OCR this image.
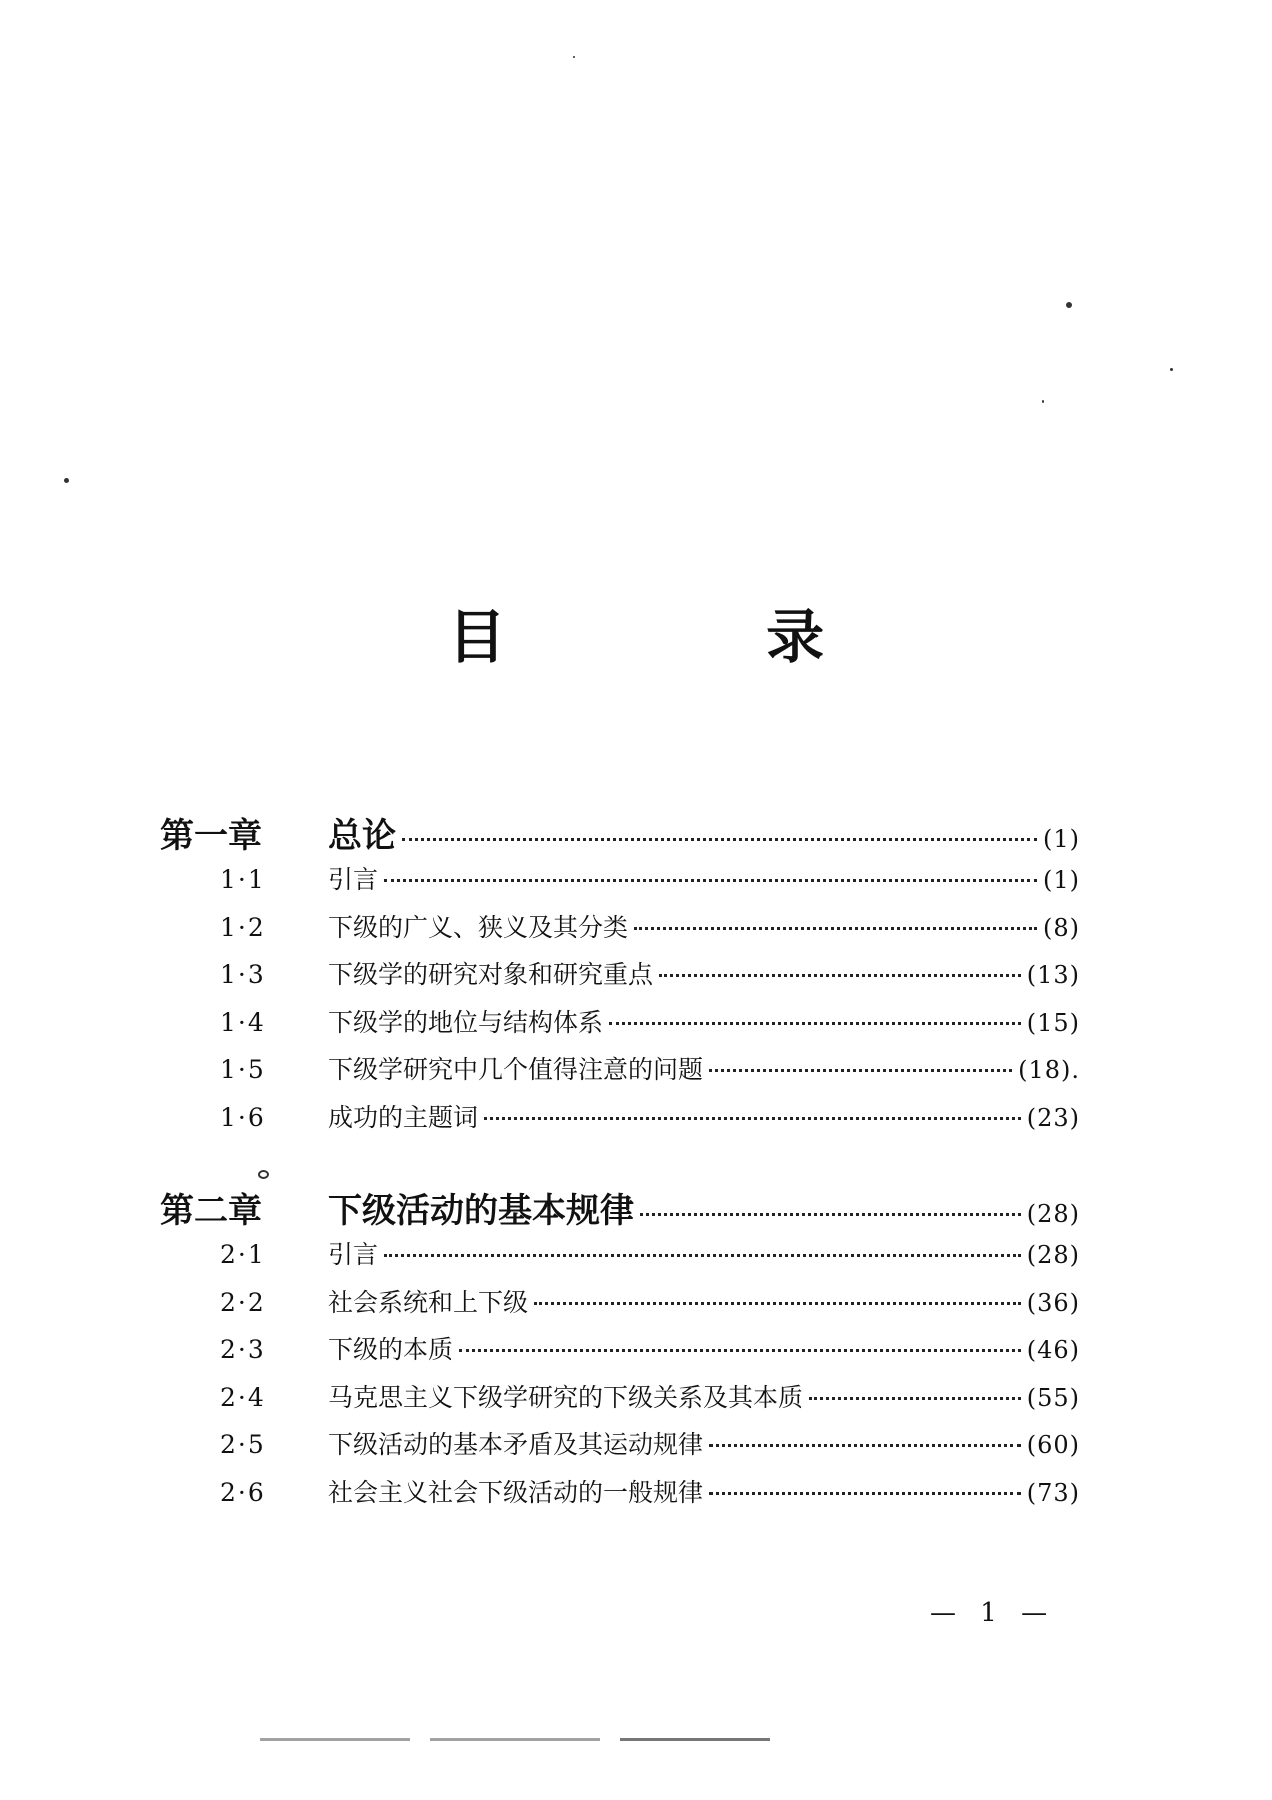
目 录
第一章	总论	(1)
1·1	引言	(1)
1·2	下级的广义、狭义及其分类	(8)
1·3	下级学的研究对象和研究重点	(13)
1·4	下级学的地位与结构体系	(15)
1·5	下级学研究中几个值得注意的问题	(18).
1·6	成功的主题词	(23)
第二章	下级活动的基本规律	(28)
2·1	引言	(28)
2·2	社会系统和上下级	(36)
2·3	下级的本质	(46)
2·4	马克思主义下级学研究的下级关系及其本质	(55)
2·5	下级活动的基本矛盾及其运动规律	(60)
2·6	社会主义社会下级活动的一般规律	(73)
— 1 —
